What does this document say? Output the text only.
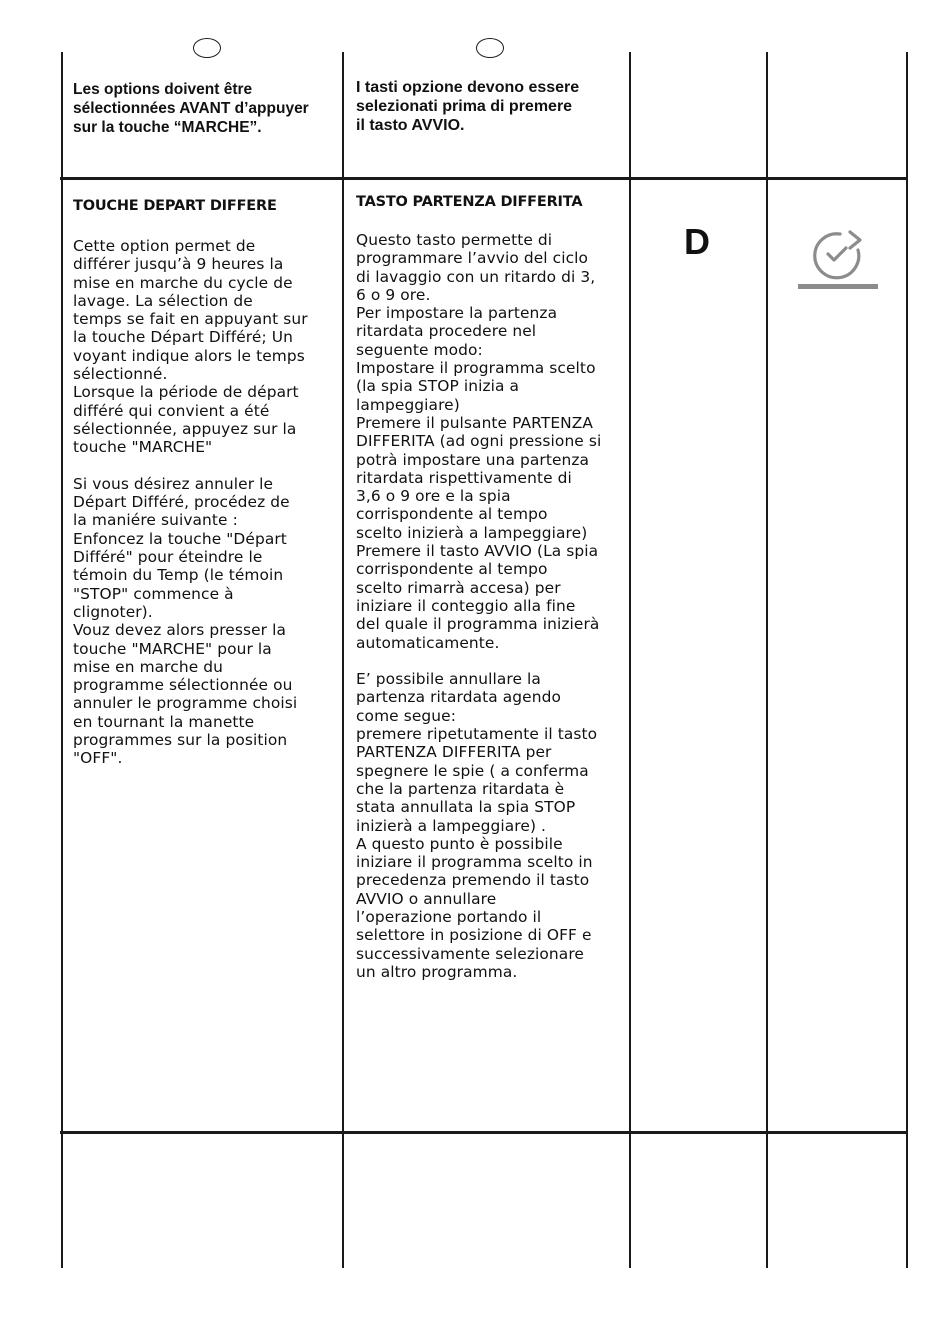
Les options doivent être
sélectionnées AVANT d’appuyer
sur la touche “MARCHE”.

I tasti opzione devono essere
selezionati prima di premere
il tasto AVVIO.

TOUCHE DEPART DIFFERE

Cette option permet de
différer jusqu’à 9 heures la
mise en marche du cycle de
lavage. La sélection de
temps se fait en appuyant sur
la touche Départ Différé; Un
voyant indique alors le temps
sélectionné.
Lorsque la période de départ
différé qui convient a été
sélectionnée, appuyez sur la
touche "MARCHE"

Si vous désirez annuler le
Départ Différé, procédez de
la maniére suivante :
Enfoncez la touche "Départ
Différé" pour éteindre le
témoin du Temp (le témoin
"STOP" commence à
clignoter).
Vouz devez alors presser la
touche "MARCHE" pour la
mise en marche du
programme sélectionnée ou
annuler le programme choisi
en tournant la manette
programmes sur la position
"OFF".

TASTO PARTENZA DIFFERITA

Questo tasto permette di
programmare l’avvio del ciclo
di lavaggio con un ritardo di 3,
6 o 9 ore.
Per impostare la partenza
ritardata procedere nel
seguente modo:
Impostare il programma scelto
(la spia STOP inizia a
lampeggiare)
Premere il pulsante PARTENZA
DIFFERITA (ad ogni pressione si
potrà impostare una partenza
ritardata rispettivamente di
3,6 o 9 ore e la spia
corrispondente al tempo
scelto inizierà a lampeggiare)
Premere il tasto AVVIO (La spia
corrispondente al tempo
scelto rimarrà accesa) per
iniziare il conteggio alla fine
del quale il programma inizierà
automaticamente.

E’ possibile annullare la
partenza ritardata agendo
come segue:
premere ripetutamente il tasto
PARTENZA DIFFERITA per
spegnere le spie ( a conferma
che la partenza ritardata è
stata annullata la spia STOP
inizierà a lampeggiare) .
A questo punto è possibile
iniziare il programma scelto in
precedenza premendo il tasto
AVVIO o annullare
l’operazione portando il
selettore in posizione di OFF e
successivamente selezionare
un altro programma.

D
